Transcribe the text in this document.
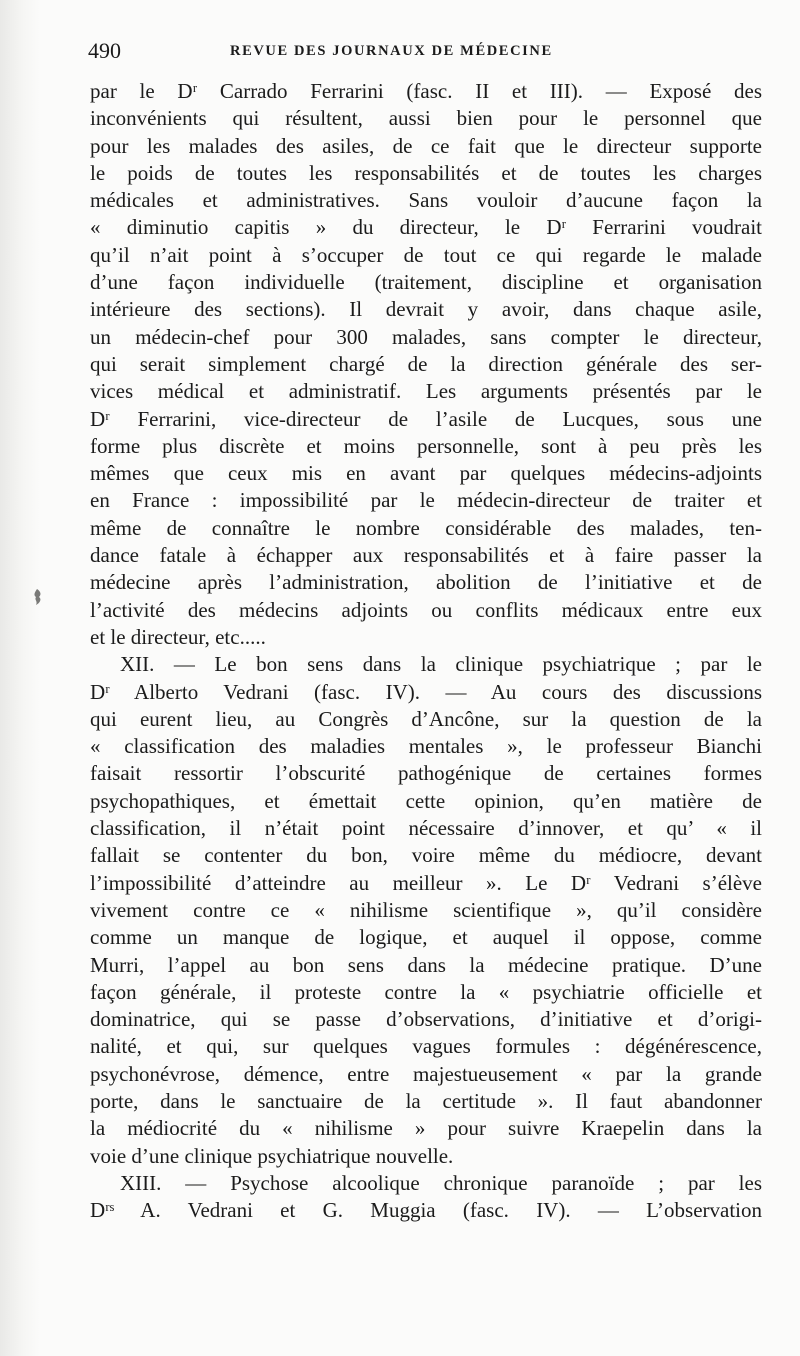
490	REVUE DES JOURNAUX DE MÉDECINE
par le Dʳ Carrado Ferrarini (fasc. II et III). — Exposé des
inconvénients qui résultent, aussi bien pour le personnel que
pour les malades des asiles, de ce fait que le directeur supporte
le poids de toutes les responsabilités et de toutes les charges
médicales et administratives. Sans vouloir d’aucune façon la
« diminutio capitis » du directeur, le Dʳ Ferrarini voudrait
qu’il n’ait point à s’occuper de tout ce qui regarde le malade
d’une façon individuelle (traitement, discipline et organisation
intérieure des sections). Il devrait y avoir, dans chaque asile,
un médecin-chef pour 300 malades, sans compter le directeur,
qui serait simplement chargé de la direction générale des ser-
vices médical et administratif. Les arguments présentés par le
Dʳ Ferrarini, vice-directeur de l’asile de Lucques, sous une
forme plus discrète et moins personnelle, sont à peu près les
mêmes que ceux mis en avant par quelques médecins-adjoints
en France : impossibilité par le médecin-directeur de traiter et
même de connaître le nombre considérable des malades, ten-
dance fatale à échapper aux responsabilités et à faire passer la
médecine après l’administration, abolition de l’initiative et de
l’activité des médecins adjoints ou conflits médicaux entre eux
et le directeur, etc.....
XII. — Le bon sens dans la clinique psychiatrique ; par le
Dʳ Alberto Vedrani (fasc. IV). — Au cours des discussions
qui eurent lieu, au Congrès d’Ancône, sur la question de la
« classification des maladies mentales », le professeur Bianchi
faisait ressortir l’obscurité pathogénique de certaines formes
psychopathiques, et émettait cette opinion, qu’en matière de
classification, il n’était point nécessaire d’innover, et qu’ « il
fallait se contenter du bon, voire même du médiocre, devant
l’impossibilité d’atteindre au meilleur ». Le Dʳ Vedrani s’élève
vivement contre ce « nihilisme scientifique », qu’il considère
comme un manque de logique, et auquel il oppose, comme
Murri, l’appel au bon sens dans la médecine pratique. D’une
façon générale, il proteste contre la « psychiatrie officielle et
dominatrice, qui se passe d’observations, d’initiative et d’origi-
nalité, et qui, sur quelques vagues formules : dégénérescence,
psychonévrose, démence, entre majestueusement « par la grande
porte, dans le sanctuaire de la certitude ». Il faut abandonner
la médiocrité du « nihilisme » pour suivre Kraepelin dans la
voie d’une clinique psychiatrique nouvelle.
XIII. — Psychose alcoolique chronique paranoïde ; par les
Dʳˢ A. Vedrani et G. Muggia (fasc. IV). — L’observation
